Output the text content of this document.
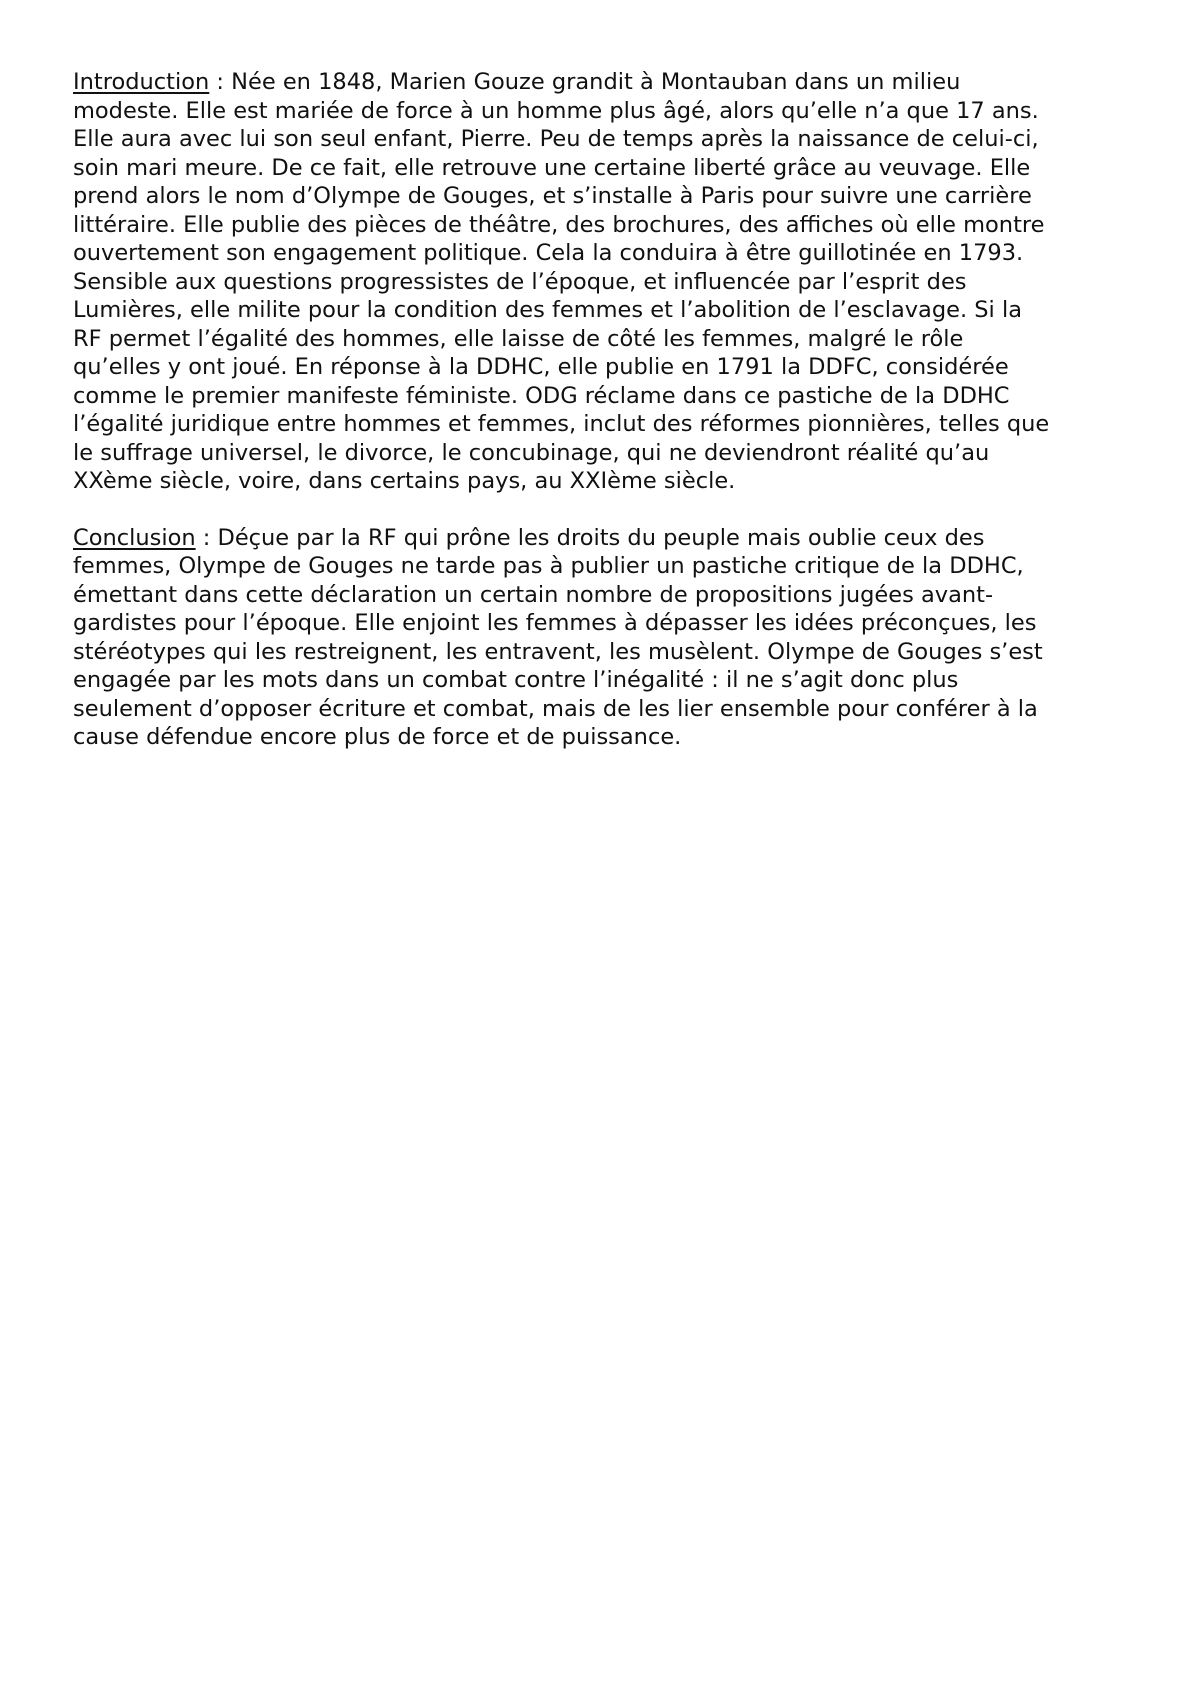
Introduction : Née en 1848, Marien Gouze grandit à Montauban dans un milieu
modeste. Elle est mariée de force à un homme plus âgé, alors qu’elle n’a que 17 ans.
Elle aura avec lui son seul enfant, Pierre. Peu de temps après la naissance de celui-ci,
soin mari meure. De ce fait, elle retrouve une certaine liberté grâce au veuvage. Elle
prend alors le nom d’Olympe de Gouges, et s’installe à Paris pour suivre une carrière
littéraire. Elle publie des pièces de théâtre, des brochures, des affiches où elle montre
ouvertement son engagement politique. Cela la conduira à être guillotinée en 1793.
Sensible aux questions progressistes de l’époque, et influencée par l’esprit des
Lumières, elle milite pour la condition des femmes et l’abolition de l’esclavage. Si la
RF permet l’égalité des hommes, elle laisse de côté les femmes, malgré le rôle
qu’elles y ont joué. En réponse à la DDHC, elle publie en 1791 la DDFC, considérée
comme le premier manifeste féministe. ODG réclame dans ce pastiche de la DDHC
l’égalité juridique entre hommes et femmes, inclut des réformes pionnières, telles que
le suffrage universel, le divorce, le concubinage, qui ne deviendront réalité qu’au
XXème siècle, voire, dans certains pays, au XXIème siècle.

Conclusion : Déçue par la RF qui prône les droits du peuple mais oublie ceux des
femmes, Olympe de Gouges ne tarde pas à publier un pastiche critique de la DDHC,
émettant dans cette déclaration un certain nombre de propositions jugées avant-
gardistes pour l’époque. Elle enjoint les femmes à dépasser les idées préconçues, les
stéréotypes qui les restreignent, les entravent, les musèlent. Olympe de Gouges s’est
engagée par les mots dans un combat contre l’inégalité : il ne s’agit donc plus
seulement d’opposer écriture et combat, mais de les lier ensemble pour conférer à la
cause défendue encore plus de force et de puissance.
